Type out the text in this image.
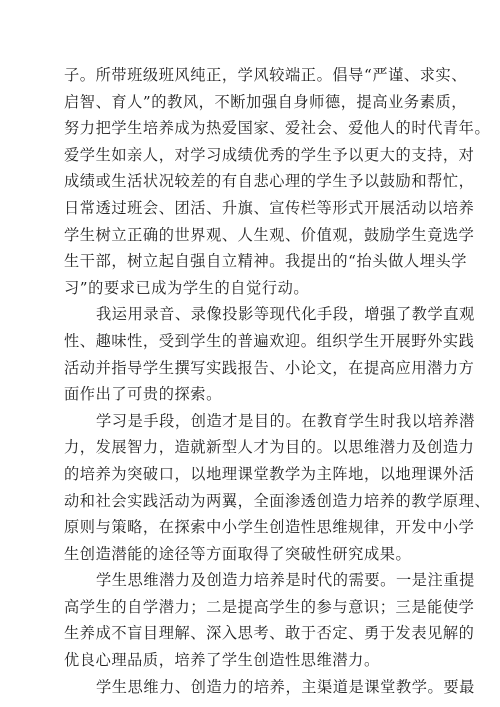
子。所带班级班风纯正，学风较端正。倡导“严谨、求实、
启智、育人”的教风，不断加强自身师德，提高业务素质，
努力把学生培养成为热爱国家、爱社会、爱他人的时代青年。
爱学生如亲人，对学习成绩优秀的学生予以更大的支持，对
成绩或生活状况较差的有自悲心理的学生予以鼓励和帮忙，
日常透过班会、团活、升旗、宣传栏等形式开展活动以培养
学生树立正确的世界观、人生观、价值观，鼓励学生竟选学
生干部，树立起自强自立精神。我提出的“抬头做人埋头学
习”的要求已成为学生的自觉行动。
我运用录音、录像投影等现代化手段，增强了教学直观
性、趣味性，受到学生的普遍欢迎。组织学生开展野外实践
活动并指导学生撰写实践报告、小论文，在提高应用潜力方
面作出了可贵的探索。
学习是手段，创造才是目的。在教育学生时我以培养潜
力，发展智力，造就新型人才为目的。以思维潜力及创造力
的培养为突破口，以地理课堂教学为主阵地，以地理课外活
动和社会实践活动为两翼，全面渗透创造力培养的教学原理、
原则与策略，在探索中小学生创造性思维规律，开发中小学
生创造潜能的途径等方面取得了突破性研究成果。
学生思维潜力及创造力培养是时代的需要。一是注重提
高学生的自学潜力；二是提高学生的参与意识；三是能使学
生养成不盲目理解、深入思考、敢于否定、勇于发表见解的
优良心理品质，培养了学生创造性思维潜力。
学生思维力、创造力的培养，主渠道是课堂教学。要最
